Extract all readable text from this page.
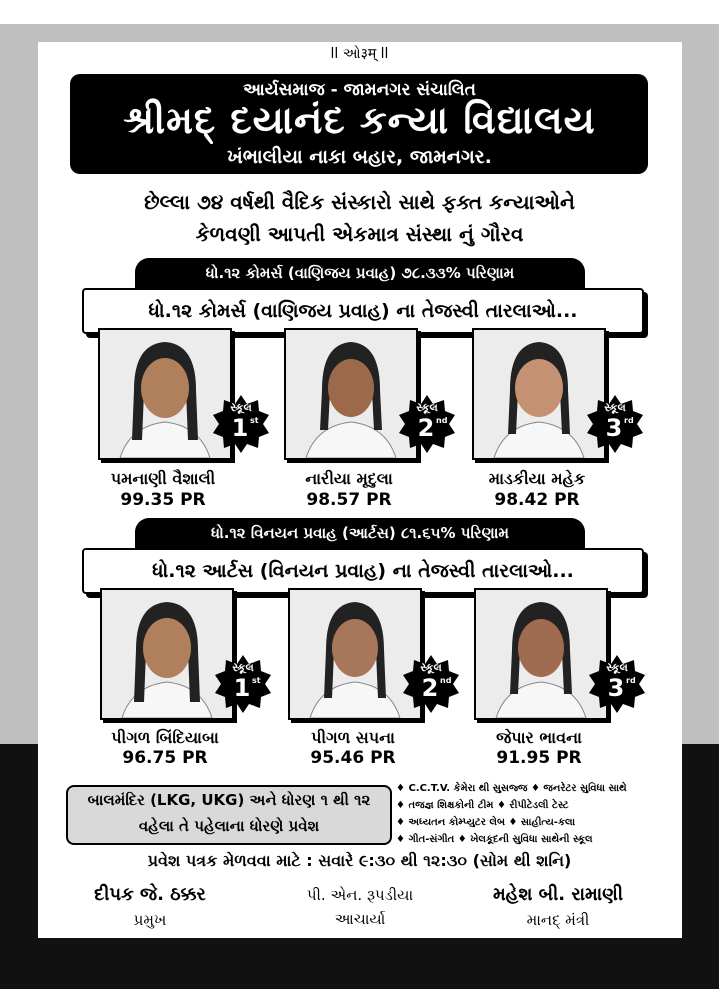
ll ઓ३म् ll
આર્યસમાજ - જામનગર સંચાલિત
શ્રીમદ્ દયાનંદ કન્યા વિદ્યાલય
ખંભાલીયા નાકા બહાર, જામનગર.
છેલ્લા ૭૪ વર્ષથી વૈદિક સંસ્કારો સાથે ફક્ત કન્યાઓને
કેળવણી આપતી એકમાત્ર સંસ્થા નું ગૌરવ
ધો.૧૨ કોમર્સ (વાણિજય પ્રવાહ) ૭૮.૩૩% પરિણામ
ધો.૧૨ કોમર્સ (વાણિજય પ્રવાહ) ના તેજસ્વી તારલાઓ...
સ્કૂલ
1 st
પમનાણી વૈશાલી
99.35 PR
સ્કૂલ
2 nd
નારીયા મૃદુલા
98.57 PR
સ્કૂલ
3 rd
માડકીયા મહેક
98.42 PR
ધો.૧૨ વિનયન પ્રવાહ (આર્ટસ) ૮૧.૬૫% પરિણામ
ધો.૧૨ આર્ટસ (વિનયન પ્રવાહ) ના તેજસ્વી તારલાઓ...
સ્કૂલ
1 st
પીગળ બિંદિયાબા
96.75 PR
સ્કૂલ
2 nd
પીગળ સપના
95.46 PR
સ્કૂલ
3 rd
જેપાર ભાવના
91.95 PR
બાલમંદિર (LKG, UKG) અને ધોરણ ૧ થી ૧૨
વહેલા તે પહેલાના ધોરણે પ્રવેશ
♦ C.C.T.V. કેમેરા થી સુસજ્જ ♦ જનરેટર સુવિધા સાથે
♦ તજજ્ઞ શિક્ષકોની ટીમ ♦ રીપીટેડલી ટેસ્ટ
♦ અધ્યતન કોમ્પ્યુટર લેબ ♦ સાહીત્ય-કલા
♦ ગીત-સંગીત ♦ ખેલકૂદની સુવિધા સાથેની સ્કૂલ
પ્રવેશ પત્રક મેળવવા માટે : સવારે ૯:૩૦ થી ૧૨:૩૦ (સોમ થી શનિ)
દીપક જે. ઠક્કર
પ્રમુખ
પી. એન. રૂપડીયા
આચાર્યા
મહેશ બી. રામાણી
માનદ્ મંત્રી
